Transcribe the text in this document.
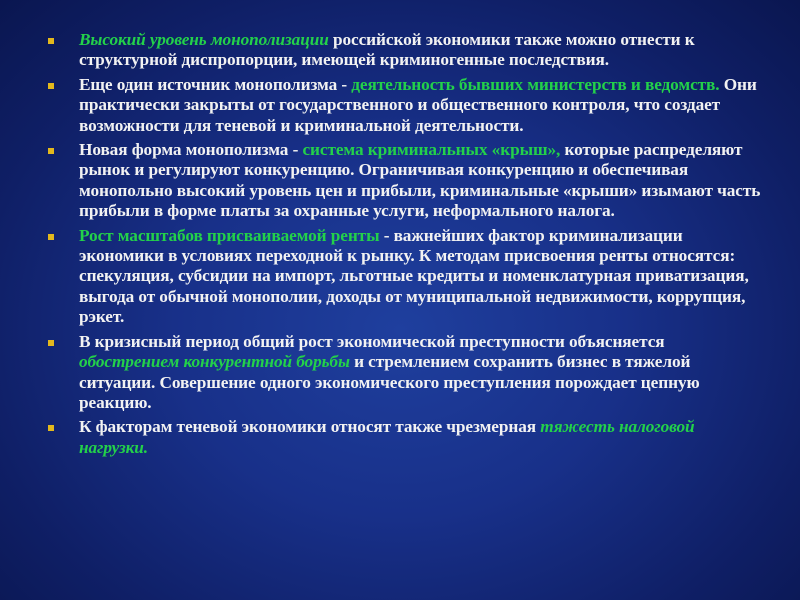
Высокий уровень монополизации российской экономики также можно отнести к структурной диспропорции, имеющей криминогенные последствия.
Еще один источник монополизма - деятельность бывших министерств и ведомств. Они практически закрыты от государственного и общественного контроля, что создает возможности для теневой и криминальной деятельности.
Новая форма монополизма - система криминальных «крыш», которые распределяют рынок и регулируют конкуренцию. Ограничивая конкуренцию и обеспечивая монопольно высокий уровень цен и прибыли, криминальные «крыши» изымают часть прибыли в форме платы за охранные услуги, неформального налога.
Рост масштабов присваиваемой ренты - важнейших фактор криминализации экономики в условиях переходной к рынку. К методам присвоения ренты относятся: спекуляция, субсидии на импорт, льготные кредиты и номенклатурная приватизация, выгода от обычной монополии, доходы от муниципальной недвижимости, коррупция, рэкет.
В кризисный период общий рост экономической преступности объясняется обострением конкурентной борьбы и стремлением сохранить бизнес в тяжелой ситуации. Совершение одного экономического преступления порождает цепную реакцию.
К факторам теневой экономики относят также чрезмерная тяжесть налоговой нагрузки.
